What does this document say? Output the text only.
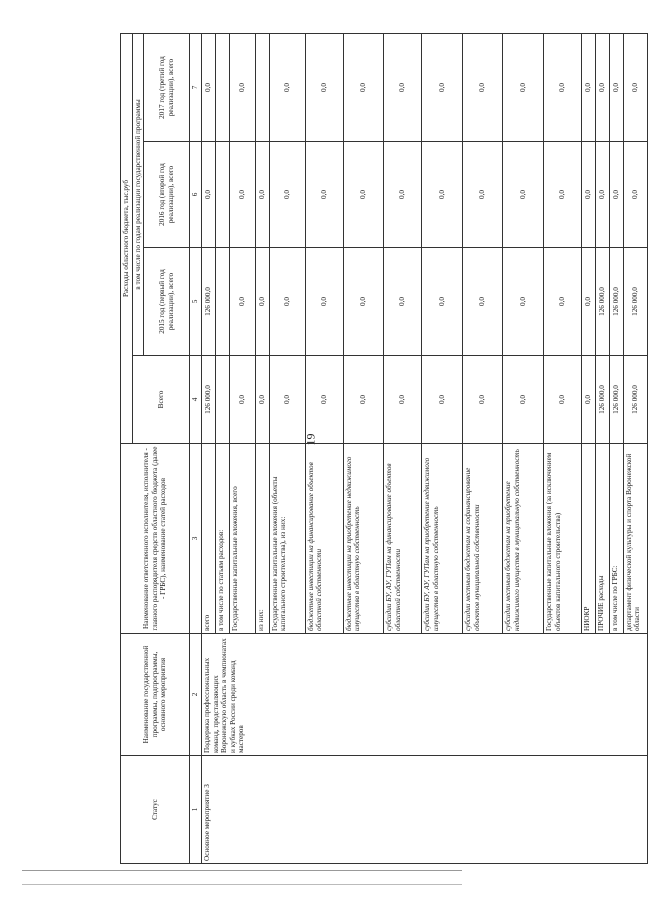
19
Статус	Наименование государственной программы, подпрограммы, основного мероприятия	Наименование ответственного исполнителя, исполнителя - главного распорядителя средств областного бюджета (далее - ГРБС), наименование статей расходов	Расходы областного бюджета, тыс.руб			
			Всего	в том числе по годам реализации государственной программы		
				2015 год (первый год реализации), всего	2016 год (второй год реализации), всего	2017 год (третий год реализации), всего
1	2	3	4	5	6	7
Основное мероприятие 3	Поддержка профессиональных команд, представляющих Воронежскую область в чемпионатах и кубках России среди команд мастеров	всего	126 000,0	126 000,0	0,0	0,0
		в том числе по статьям расходов:				
		Государственные капитальные вложения, всего	0,0	0,0	0,0	0,0
		из них:	0,0	0,0	0,0	
		Государственные капитальные вложения (объекты капитального строительства), из них:	0,0	0,0	0,0	0,0
		бюджетные инвестиции на финансирование объектов областной собственности	0,0	0,0	0,0	0,0
		бюджетные инвестиции на приобретение недвижимого имущества в областную собственность	0,0	0,0	0,0	0,0
		субсидии БУ, АУ, ГУПам на финансирование объектов областной собственности	0,0	0,0	0,0	0,0
		субсидии БУ, АУ, ГУПам на приобретение недвижимого имущества в областную собственность	0,0	0,0	0,0	0,0
		субсидии местным бюджетам на софинансирование объектов муниципальной собственности	0,0	0,0	0,0	0,0
		субсидии местным бюджетам на приобретение недвижимого имущества в муниципальную собственность	0,0	0,0	0,0	0,0
		Государственные капитальные вложения (за исключением объектов капитального строительства)	0,0	0,0	0,0	0,0
		НИОКР	0,0	0,0	0,0	0,0
		ПРОЧИЕ расходы	126 000,0	126 000,0	0,0	0,0
		в том числе по ГРБС:	126 000,0	126 000,0	0,0	0,0
		департамент физической культуры и спорта Воронежской области	126 000,0	126 000,0	0,0	0,0
